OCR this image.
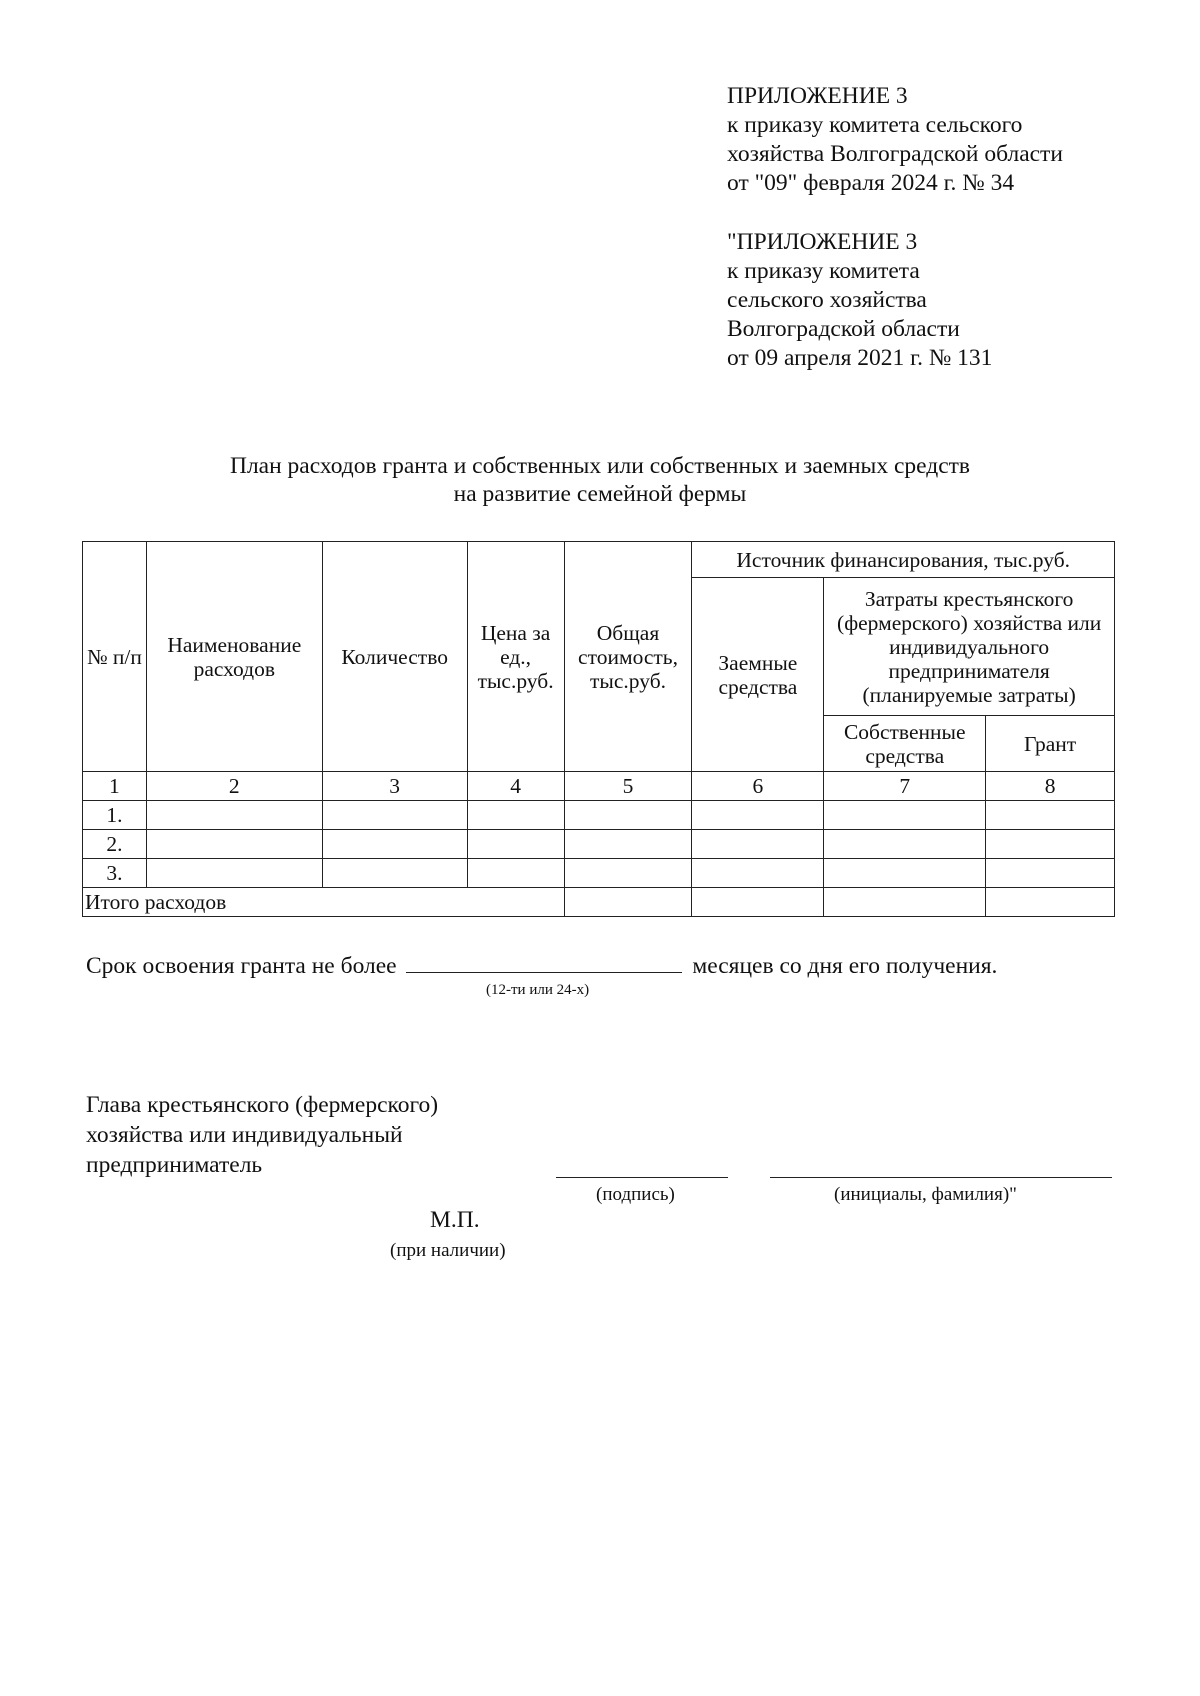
ПРИЛОЖЕНИЕ 3
к приказу комитета сельского
хозяйства Волгоградской области
от "09" февраля 2024 г. № 34
"ПРИЛОЖЕНИЕ 3
к приказу комитета
сельского хозяйства
Волгоградской области
от 09 апреля 2021 г. № 131
План расходов гранта и собственных или собственных и заемных средств
на развитие семейной фермы
№ п/п	Наименование расходов	Количество	Цена за ед., тыс.руб.	Общая стоимость, тыс.руб.	Источник финансирования, тыс.руб.		
					Заемные средства	Затраты крестьянского (фермерского) хозяйства или индивидуального предпринимателя (планируемые затраты)	
						Собственные средства	Грант
1	2	3	4	5	6	7	8
1.							
2.							
3.							
Итого расходов							
Срок освоения гранта не более	месяцев со дня его получения.
(12-ти или 24-х)
Глава крестьянского (фермерского)
хозяйства или индивидуальный
предприниматель
(подпись)	(инициалы, фамилия)"
М.П.
(при наличии)
